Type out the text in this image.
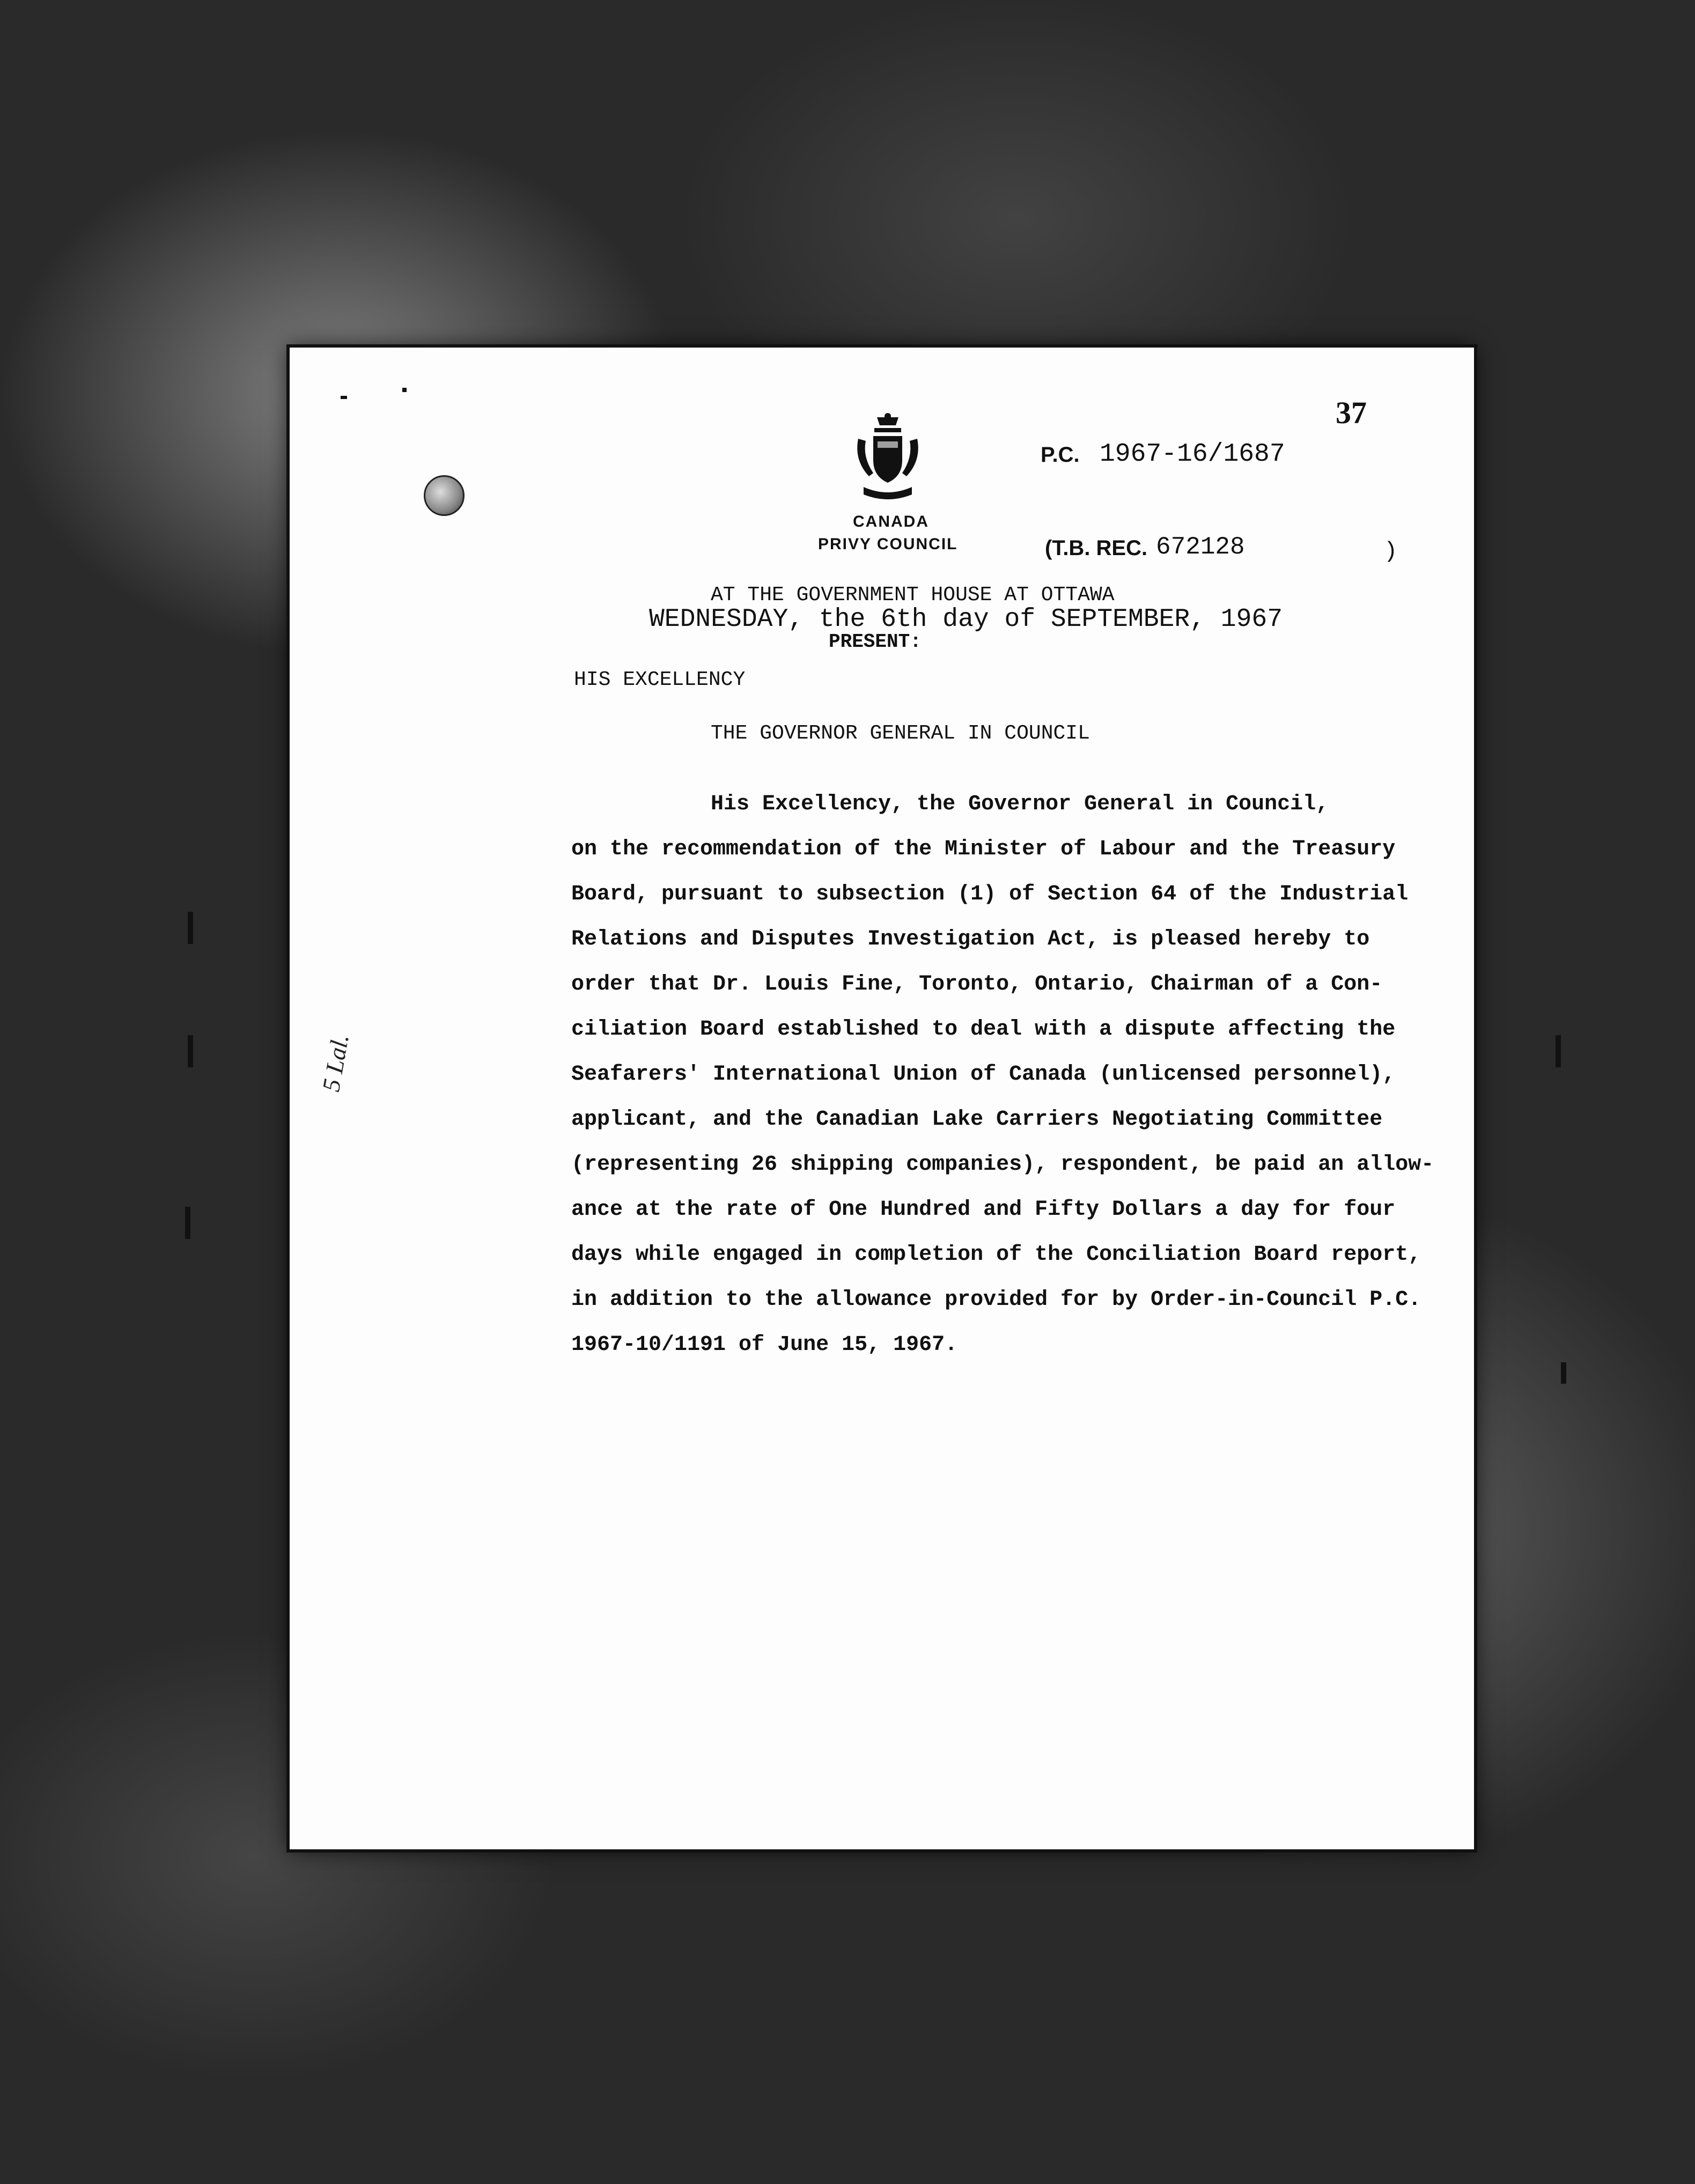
37
CANADA
PRIVY COUNCIL
P.C. 1967-16/1687
(T.B. REC. 672128	)
AT THE GOVERNMENT HOUSE AT OTTAWA
WEDNESDAY, the 6th day of SEPTEMBER, 1967
PRESENT:
HIS EXCELLENCY
THE GOVERNOR GENERAL IN COUNCIL
His Excellency, the Governor General in Council,
on the recommendation of the Minister of Labour and the Treasury
Board, pursuant to subsection (1) of Section 64 of the Industrial
Relations and Disputes Investigation Act, is pleased hereby to
order that Dr. Louis Fine, Toronto, Ontario, Chairman of a Con-
ciliation Board established to deal with a dispute affecting the
Seafarers' International Union of Canada (unlicensed personnel),
applicant, and the Canadian Lake Carriers Negotiating Committee
(representing 26 shipping companies), respondent, be paid an allow-
ance at the rate of One Hundred and Fifty Dollars a day for four
days while engaged in completion of the Conciliation Board report,
in addition to the allowance provided for by Order-in-Council P.C.
1967-10/1191 of June 15, 1967.
5 Lal.
